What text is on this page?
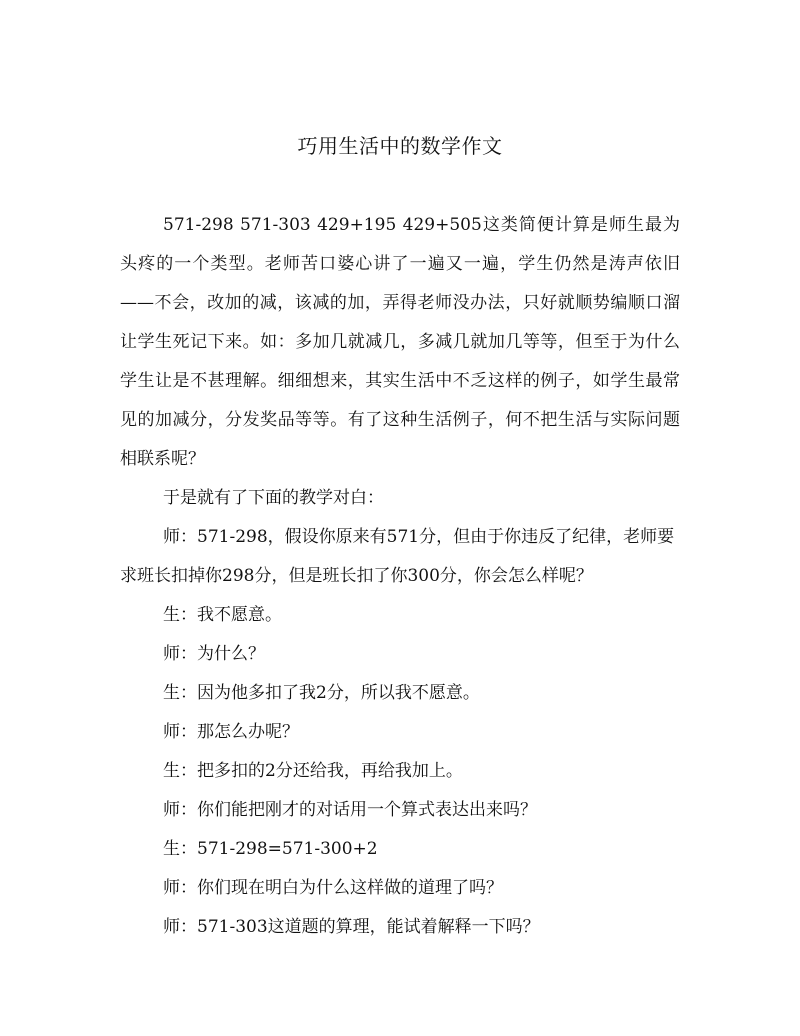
巧用生活中的数学作文

571-298 571-303 429+195 429+505这类简便计算是师生最为头疼的一个类型。老师苦口婆心讲了一遍又一遍，学生仍然是涛声依旧——不会，改加的减，该减的加，弄得老师没办法，只好就顺势编顺口溜让学生死记下来。如：多加几就减几，多减几就加几等等，但至于为什么学生让是不甚理解。细细想来，其实生活中不乏这样的例子，如学生最常见的加减分，分发奖品等等。有了这种生活例子，何不把生活与实际问题相联系呢？

于是就有了下面的教学对白：

师：571-298，假设你原来有571分，但由于你违反了纪律，老师要求班长扣掉你298分，但是班长扣了你300分，你会怎么样呢？

生：我不愿意。

师：为什么？

生：因为他多扣了我2分，所以我不愿意。

师：那怎么办呢？

生：把多扣的2分还给我，再给我加上。

师：你们能把刚才的对话用一个算式表达出来吗？

生：571-298=571-300+2

师：你们现在明白为什么这样做的道理了吗？

师：571-303这道题的算理，能试着解释一下吗？
